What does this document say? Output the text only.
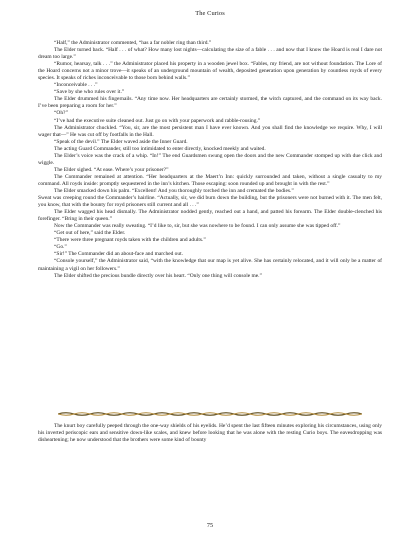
The Curios

“Half,” the Administrator commented, “has a far nobler ring than third.”

The Elder turned back. “Half . . . of what? How many lost nights—calculating the size of a fable . . . and now that I know the Hoard is real I dare not dream too large.”

“Rumor, hearsay, talk . . .” the Administrator placed his property in a wooden jewel box. “Fables, my friend, are not without foundation. The Lore of the Hoard concerns not a minor trove—it speaks of an underground mountain of wealth, deposited generation upon generation by countless royds of every species. It speaks of riches inconceivable to those born behind walls.”

“Inconceivable . . .”

“Save by she who rules over it.”

The Elder drummed his fingernails. “Any time now. Her headquarters are certainly stormed, the witch captured, and the command on its way back. I’ve been preparing a room for her.”

“Oh?”

“I’ve had the executive suite cleaned out. Just go on with your paperwork and rabble-rousing.”

The Administrator chuckled. “You, sir, are the most persistent man I have ever known. And you shall find the knowledge we require. Why, I will wager that—” He was cut off by footfalls in the Hall.

“Speak of the devil.” The Elder waved aside the Inner Guard.

The acting Guard Commander, still too intimidated to enter directly, knocked meekly and waited.

The Elder’s voice was the crack of a whip. “In!” The end Guardsmen swung open the doors and the new Commander stomped up with due click and wiggle.

The Elder sighed. “At ease. Where’s your prisoner?”

The Commander remained at attention. “Her headquarters at the Maert’n Inn: quickly surrounded and taken, without a single casualty to my command. All royds inside: promptly sequestered in the inn’s kitchen. Those escaping: soon rounded up and brought in with the rest.”

The Elder smacked down his palm. “Excellent! And you thoroughly torched the inn and cremated the bodies.”

Sweat was creeping round the Commander’s hairline. “Actually, sir, we did burn down the building, but the prisoners were not burned with it. The men felt, you know, that with the bounty for royd prisoners still current and all . . .”

The Elder wagged his head dismally. The Administrator nodded gently, reached out a hand, and patted his forearm. The Elder double-clenched his forefinger. “Bring in their queen.”

Now the Commander was really sweating. “I’d like to, sir, but she was nowhere to be found. I can only assume she was tipped off.”

“Get out of here,” said the Elder.

“There were three pregnant royds taken with the children and adults.”

“Go.”

“Sir!” The Commander did an about-face and marched out.

“Console yourself,” the Administrator said, “with the knowledge that our map is yet alive. She has certainly relocated, and it will only be a matter of maintaining a vigil on her followers.”

The Elder shifted the precious bundle directly over his heart. “Only one thing will console me.”

The knurt boy carefully peeped through the one-way shields of his eyelids. He’d spent the last fifteen minutes exploring his circumstances, using only his inverted periscopic ears and sensitive down-like scales, and knew before looking that he was alone with the resting Curio boys. The eavesdropping was disheartening; he now understood that the brothers were some kind of bounty

75
